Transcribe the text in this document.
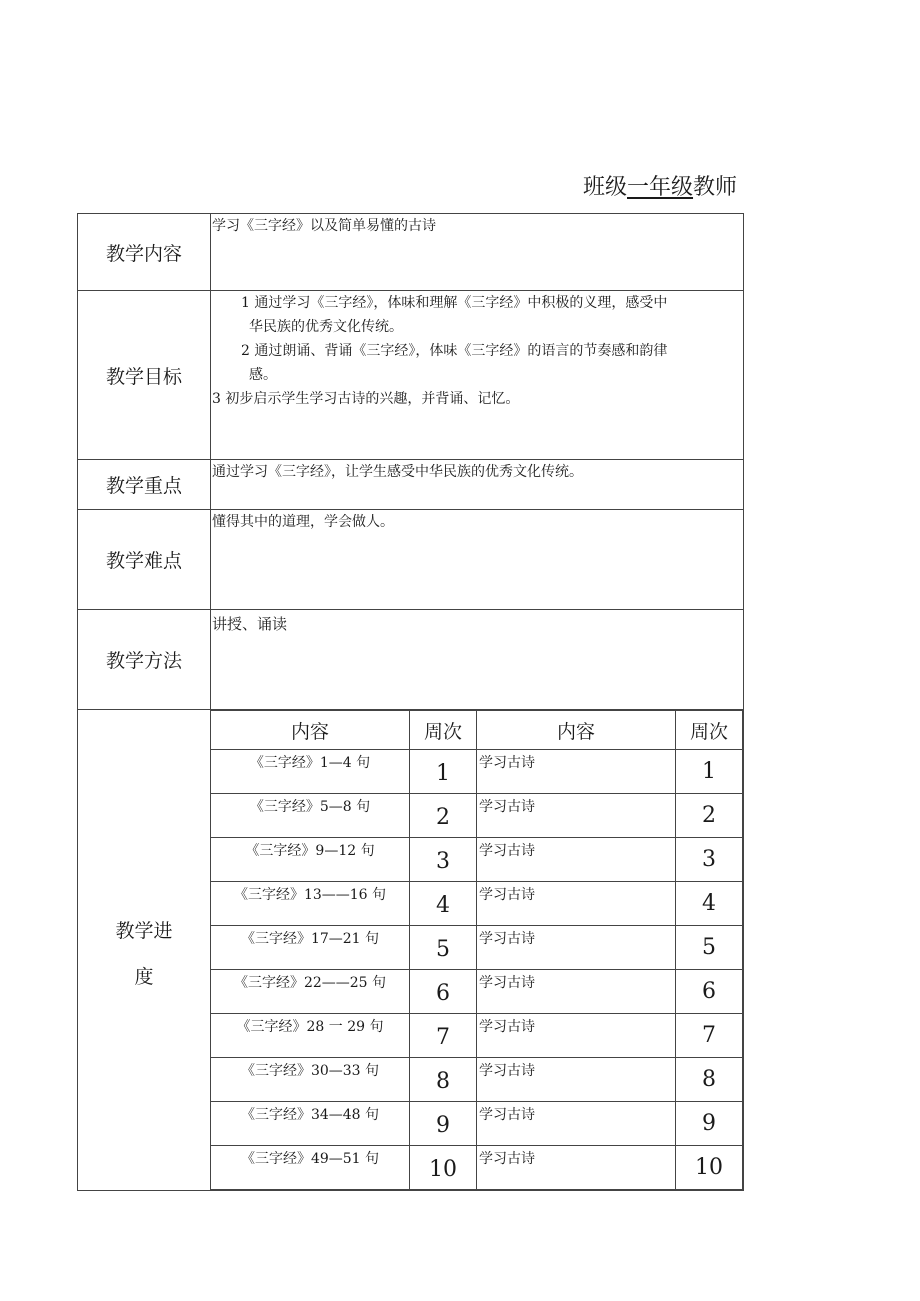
班级一年级教师
教学内容	
学习《三字经》以及简单易懂的古诗

教学目标	
1 通过学习《三字经》，体味和理解《三字经》中积极的义理，感受中
华民族的优秀文化传统。
2 通过朗诵、背诵《三字经》，体味《三字经》的语言的节奏感和韵律
感。
3 初步启示学生学习古诗的兴趣，并背诵、记忆。

教学重点	
通过学习《三字经》，让学生感受中华民族的优秀文化传统。

教学难点	
懂得其中的道理，学会做人。

教学方法	
讲授、诵读

教学进
度

内容	周次	内容	周次
《三字经》1—4 句	1	学习古诗	1
《三字经》5—8 句	2	学习古诗	2
《三字经》9—12 句	3	学习古诗	3
《三字经》13——16 句	4	学习古诗	4
《三字经》17—21 句	5	学习古诗	5
《三字经》22——25 句	6	学习古诗	6
《三字经》28 一 29 句	7	学习古诗	7
《三字经》30—33 句	8	学习古诗	8
《三字经》34—48 句	9	学习古诗	9
《三字经》49—51 句	10	学习古诗	10
